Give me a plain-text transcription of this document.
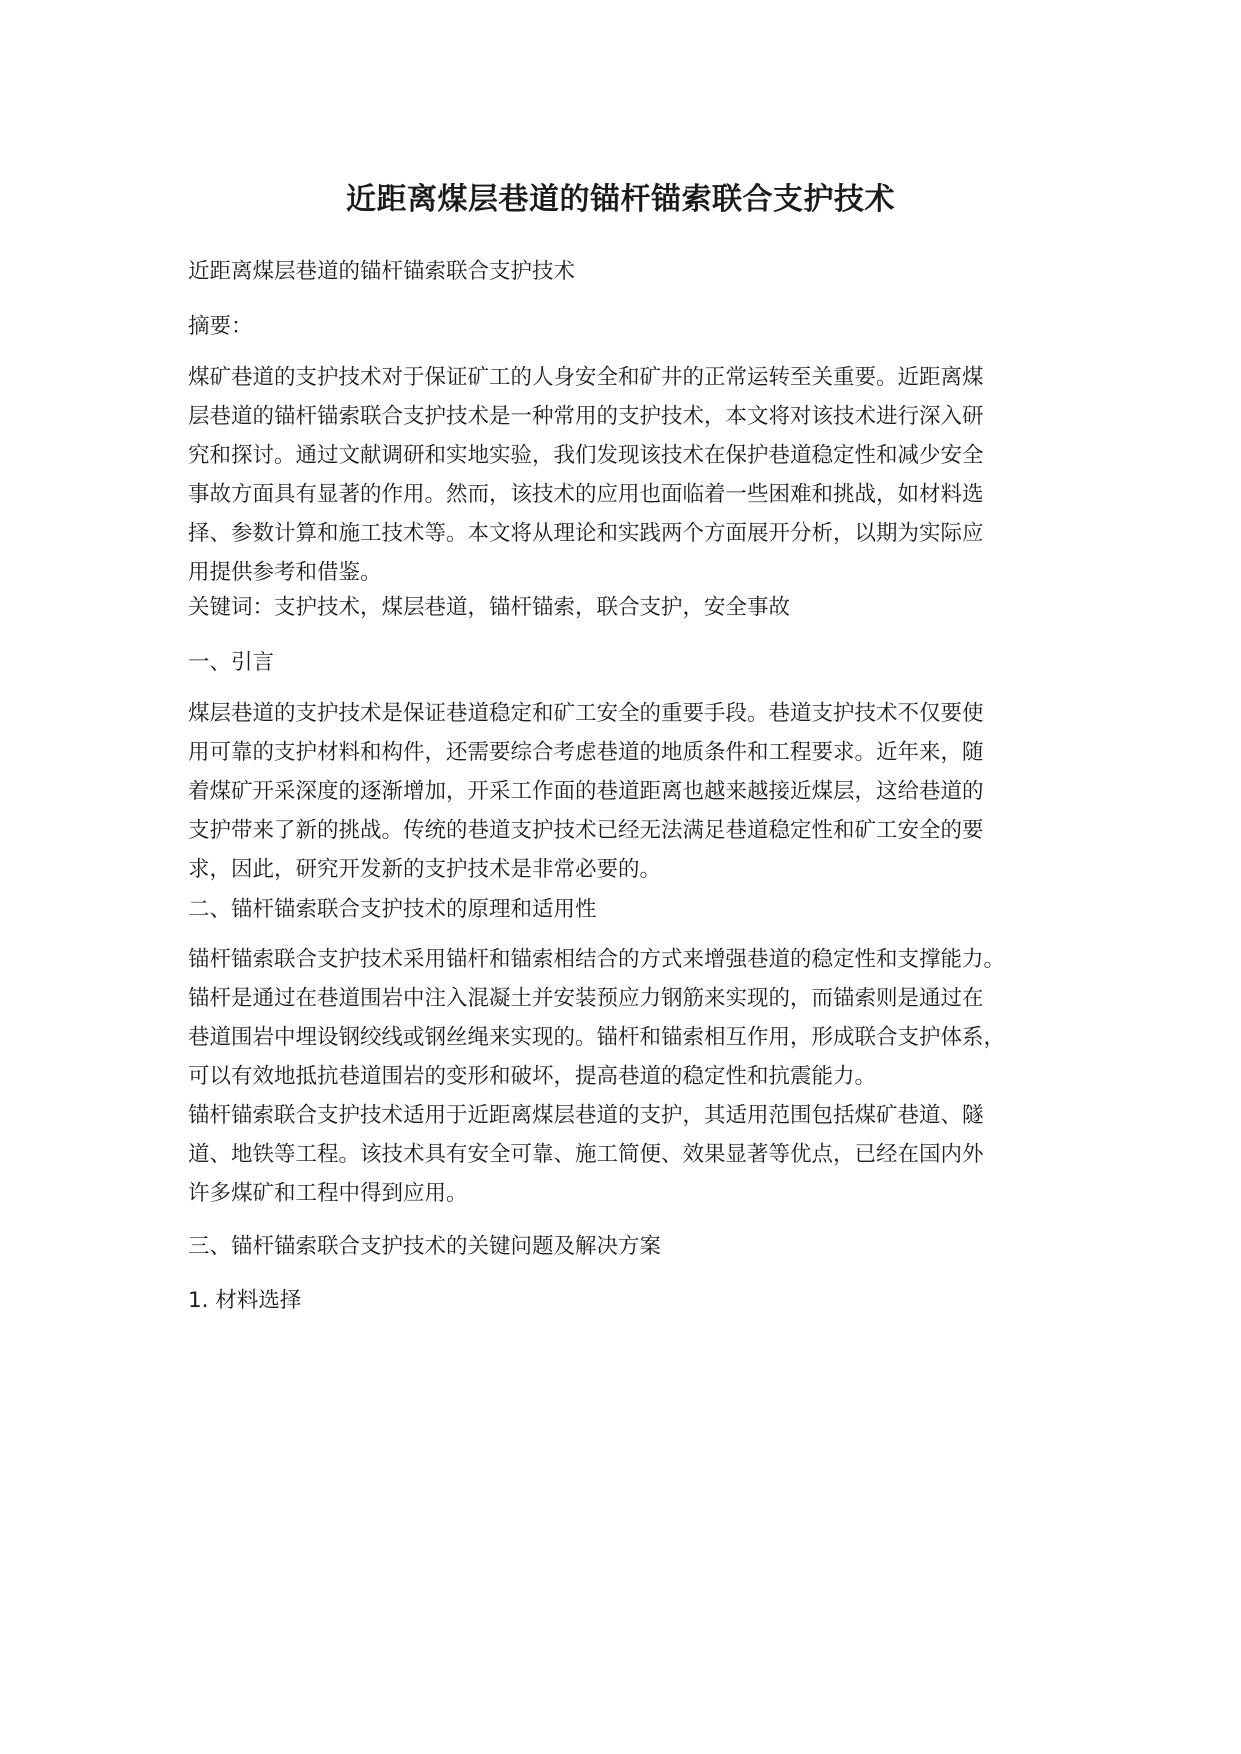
近距离煤层巷道的锚杆锚索联合支护技术

近距离煤层巷道的锚杆锚索联合支护技术

摘要：

煤矿巷道的支护技术对于保证矿工的人身安全和矿井的正常运转至关重要。近距离煤
层巷道的锚杆锚索联合支护技术是一种常用的支护技术，本文将对该技术进行深入研
究和探讨。通过文献调研和实地实验，我们发现该技术在保护巷道稳定性和减少安全
事故方面具有显著的作用。然而，该技术的应用也面临着一些困难和挑战，如材料选
择、参数计算和施工技术等。本文将从理论和实践两个方面展开分析，以期为实际应
用提供参考和借鉴。

关键词：支护技术，煤层巷道，锚杆锚索，联合支护，安全事故

一、引言

煤层巷道的支护技术是保证巷道稳定和矿工安全的重要手段。巷道支护技术不仅要使
用可靠的支护材料和构件，还需要综合考虑巷道的地质条件和工程要求。近年来，随
着煤矿开采深度的逐渐增加，开采工作面的巷道距离也越来越接近煤层，这给巷道的
支护带来了新的挑战。传统的巷道支护技术已经无法满足巷道稳定性和矿工安全的要
求，因此，研究开发新的支护技术是非常必要的。

二、锚杆锚索联合支护技术的原理和适用性

锚杆锚索联合支护技术采用锚杆和锚索相结合的方式来增强巷道的稳定性和支撑能力。
锚杆是通过在巷道围岩中注入混凝土并安装预应力钢筋来实现的，而锚索则是通过在
巷道围岩中埋设钢绞线或钢丝绳来实现的。锚杆和锚索相互作用，形成联合支护体系，
可以有效地抵抗巷道围岩的变形和破坏，提高巷道的稳定性和抗震能力。

锚杆锚索联合支护技术适用于近距离煤层巷道的支护，其适用范围包括煤矿巷道、隧
道、地铁等工程。该技术具有安全可靠、施工简便、效果显著等优点，已经在国内外
许多煤矿和工程中得到应用。

三、锚杆锚索联合支护技术的关键问题及解决方案

1. 材料选择
